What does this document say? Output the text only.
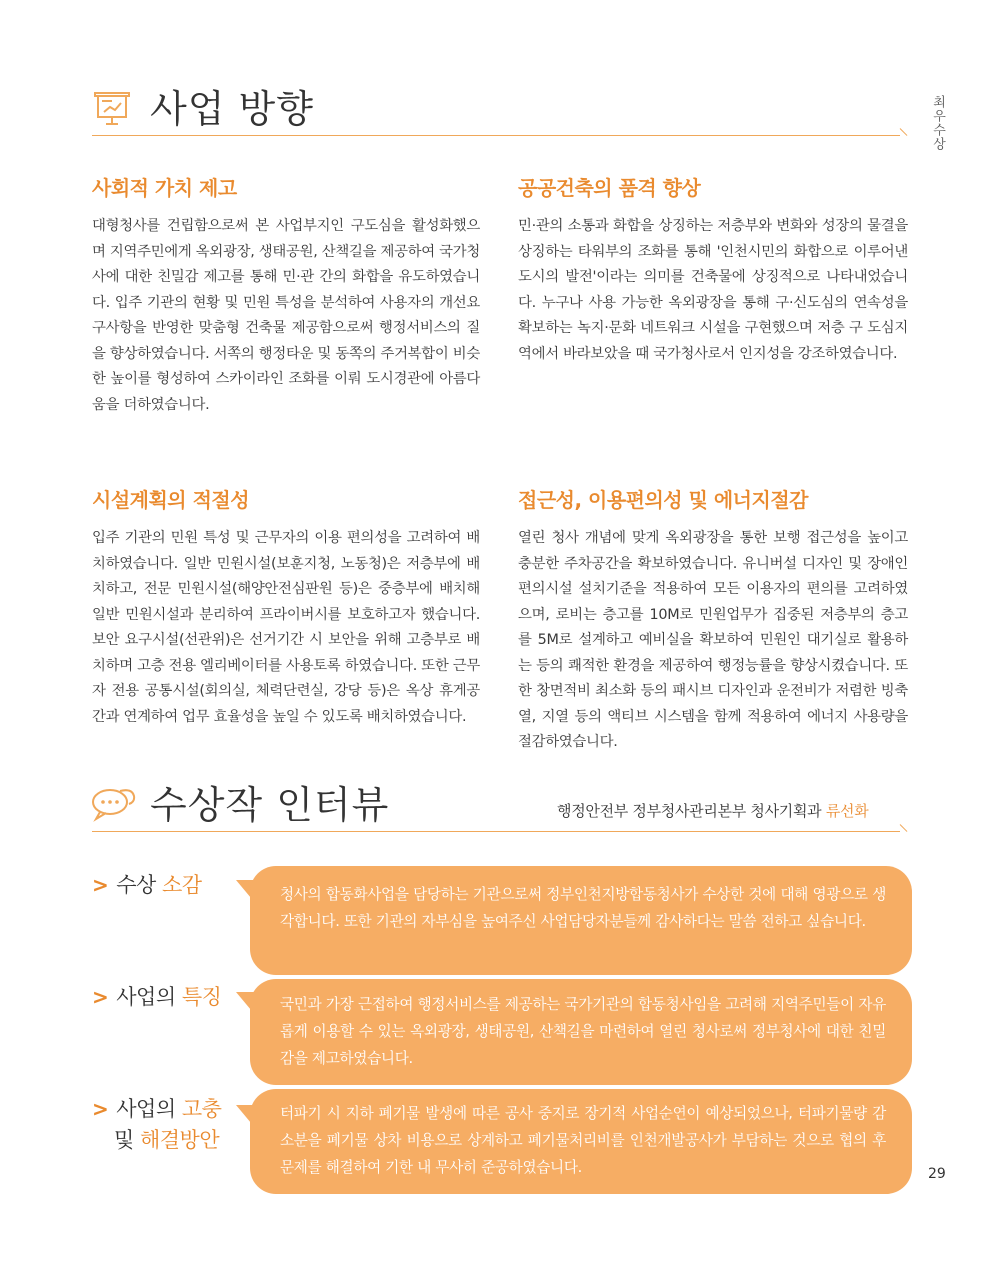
사업 방향	최우수상
사회적 가치 제고
대형청사를 건립함으로써 본 사업부지인 구도심을 활성화했으며 지역주민에게 옥외광장, 생태공원, 산책길을 제공하여 국가청사에 대한 친밀감 제고를 통해 민·관 간의 화합을 유도하였습니다. 입주 기관의 현황 및 민원 특성을 분석하여 사용자의 개선요구사항을 반영한 맞춤형 건축물 제공함으로써 행정서비스의 질을 향상하였습니다. 서쪽의 행정타운 및 동쪽의 주거복합이 비슷한 높이를 형성하여 스카이라인 조화를 이뤄 도시경관에 아름다움을 더하였습니다.
공공건축의 품격 향상
민·관의 소통과 화합을 상징하는 저층부와 변화와 성장의 물결을 상징하는 타워부의 조화를 통해 '인천시민의 화합으로 이루어낸 도시의 발전'이라는 의미를 건축물에 상징적으로 나타내었습니다. 누구나 사용 가능한 옥외광장을 통해 구·신도심의 연속성을 확보하는 녹지·문화 네트워크 시설을 구현했으며 저층 구 도심지역에서 바라보았을 때 국가청사로서 인지성을 강조하였습니다.
시설계획의 적절성
입주 기관의 민원 특성 및 근무자의 이용 편의성을 고려하여 배치하였습니다. 일반 민원시설(보훈지청, 노동청)은 저층부에 배치하고, 전문 민원시설(해양안전심판원 등)은 중층부에 배치해 일반 민원시설과 분리하여 프라이버시를 보호하고자 했습니다. 보안 요구시설(선관위)은 선거기간 시 보안을 위해 고층부로 배치하며 고층 전용 엘리베이터를 사용토록 하였습니다. 또한 근무자 전용 공통시설(회의실, 체력단련실, 강당 등)은 옥상 휴게공간과 연계하여 업무 효율성을 높일 수 있도록 배치하였습니다.
접근성, 이용편의성 및 에너지절감
열린 청사 개념에 맞게 옥외광장을 통한 보행 접근성을 높이고 충분한 주차공간을 확보하였습니다. 유니버설 디자인 및 장애인 편의시설 설치기준을 적용하여 모든 이용자의 편의를 고려하였으며, 로비는 층고를 10M로 민원업무가 집중된 저층부의 층고를 5M로 설계하고 예비실을 확보하여 민원인 대기실로 활용하는 등의 쾌적한 환경을 제공하여 행정능률을 향상시켰습니다. 또한 창면적비 최소화 등의 패시브 디자인과 운전비가 저렴한 빙축열, 지열 등의 액티브 시스템을 함께 적용하여 에너지 사용량을 절감하였습니다.
수상작 인터뷰	행정안전부 정부청사관리본부 청사기획과 류선화
> 수상 소감	청사의 합동화사업을 담당하는 기관으로써 정부인천지방합동청사가 수상한 것에 대해 영광으로 생각합니다. 또한 기관의 자부심을 높여주신 사업담당자분들께 감사하다는 말씀 전하고 싶습니다.
> 사업의 특징	국민과 가장 근접하여 행정서비스를 제공하는 국가기관의 합동청사임을 고려해 지역주민들이 자유롭게 이용할 수 있는 옥외광장, 생태공원, 산책길을 마련하여 열린 청사로써 정부청사에 대한 친밀감을 제고하였습니다.
> 사업의 고충
및 해결방안
터파기 시 지하 폐기물 발생에 따른 공사 중지로 장기적 사업순연이 예상되었으나, 터파기물량 감소분을 폐기물 상차 비용으로 상계하고 폐기물처리비를 인천개발공사가 부담하는 것으로 협의 후 문제를 해결하여 기한 내 무사히 준공하였습니다.	29
